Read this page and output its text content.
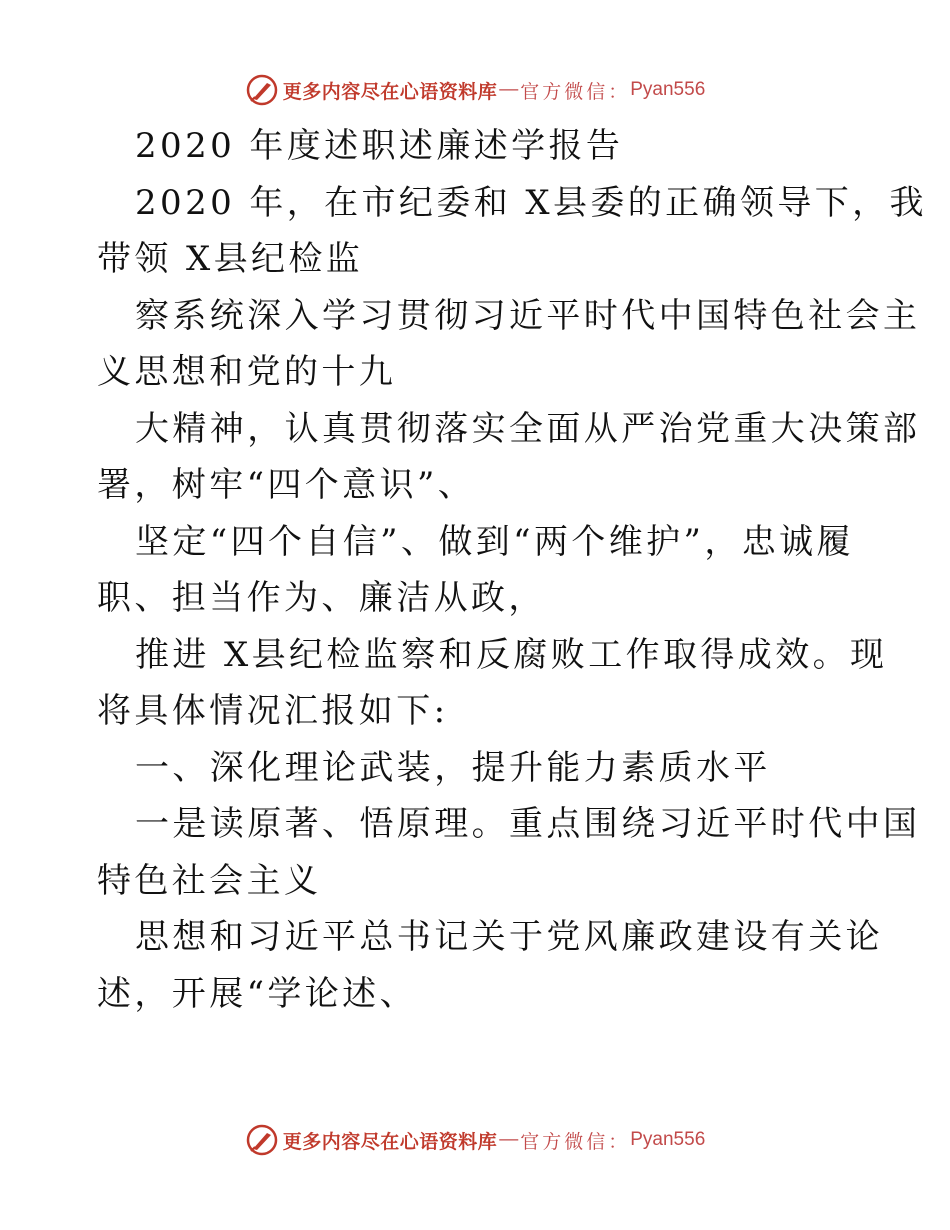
更多内容尽在心语资料库 — 官方微信： Pyan556
2020 年度述职述廉述学报告
2020 年，在市纪委和 X县委的正确领导下，我
带领 X县纪检监
察系统深入学习贯彻习近平时代中国特色社会主
义思想和党的十九
大精神，认真贯彻落实全面从严治党重大决策部
署，树牢“四个意识”、
坚定“四个自信”、做到“两个维护”，忠诚履
职、担当作为、廉洁从政，
推进 X县纪检监察和反腐败工作取得成效。现
将具体情况汇报如下:
一、深化理论武装，提升能力素质水平
一是读原著、悟原理。重点围绕习近平时代中国
特色社会主义
思想和习近平总书记关于党风廉政建设有关论
述，开展“学论述、
更多内容尽在心语资料库 — 官方微信： Pyan556
